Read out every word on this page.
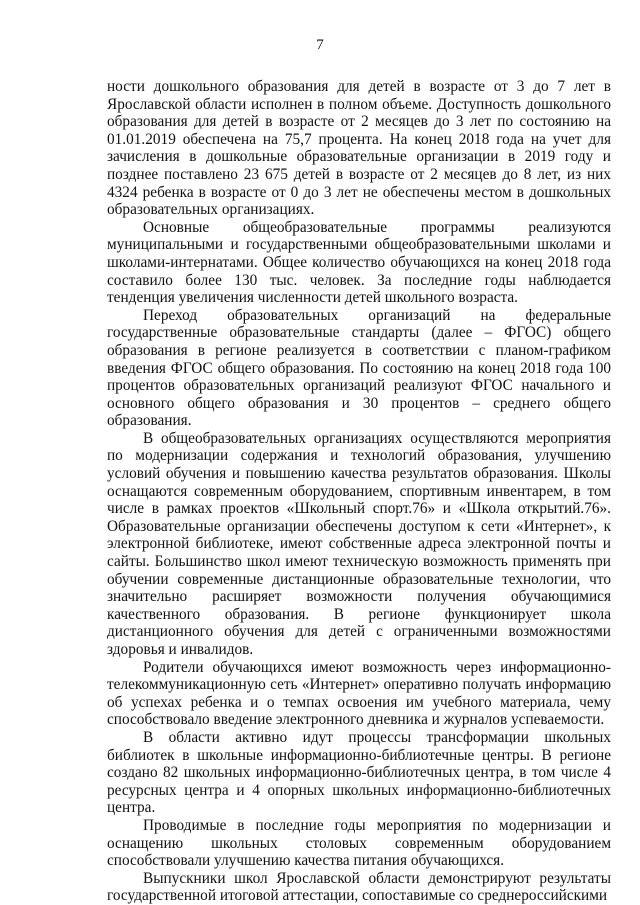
7

ности дошкольного образования для детей в возрасте от 3 до 7 лет в Ярославской области исполнен в полном объеме. Доступность дошкольного образования для детей в возрасте от 2 месяцев до 3 лет по состоянию на 01.01.2019 обеспечена на 75,7 процента. На конец 2018 года на учет для зачисления в дошкольные образовательные организации в 2019 году и позднее поставлено 23 675 детей в возрасте от 2 месяцев до 8 лет, из них 4324 ребенка в возрасте от 0 до 3 лет не обеспечены местом в дошкольных образовательных организациях.

Основные общеобразовательные программы реализуются муниципальными и государственными общеобразовательными школами и школами-интернатами. Общее количество обучающихся на конец 2018 года составило более 130 тыс. человек. За последние годы наблюдается тенденция увеличения численности детей школьного возраста.

Переход образовательных организаций на федеральные государственные образовательные стандарты (далее – ФГОС) общего образования в регионе реализуется в соответствии с планом-графиком введения ФГОС общего образования. По состоянию на конец 2018 года 100 процентов образовательных организаций реализуют ФГОС начального и основного общего образования и 30 процентов – среднего общего образования.

В общеобразовательных организациях осуществляются мероприятия по модернизации содержания и технологий образования, улучшению условий обучения и повышению качества результатов образования. Школы оснащаются современным оборудованием, спортивным инвентарем, в том числе в рамках проектов «Школьный спорт.76» и «Школа открытий.76». Образовательные организации обеспечены доступом к сети «Интернет», к электронной библиотеке, имеют собственные адреса электронной почты и сайты. Большинство школ имеют техническую возможность применять при обучении современные дистанционные образовательные технологии, что значительно расширяет возможности получения обучающимися качественного образования. В регионе функционирует школа дистанционного обучения для детей с ограниченными возможностями здоровья и инвалидов.

Родители обучающихся имеют возможность через информационно-телекоммуникационную сеть «Интернет» оперативно получать информацию об успехах ребенка и о темпах освоения им учебного материала, чему способствовало введение электронного дневника и журналов успеваемости.

В области активно идут процессы трансформации школьных библиотек в школьные информационно-библиотечные центры. В регионе создано 82 школьных информационно-библиотечных центра, в том числе 4 ресурсных центра и 4 опорных школьных информационно-библиотечных центра.

Проводимые в последние годы мероприятия по модернизации и оснащению школьных столовых современным оборудованием способствовали улучшению качества питания обучающихся.

Выпускники школ Ярославской области демонстрируют результаты государственной итоговой аттестации, сопоставимые со среднероссийскими
